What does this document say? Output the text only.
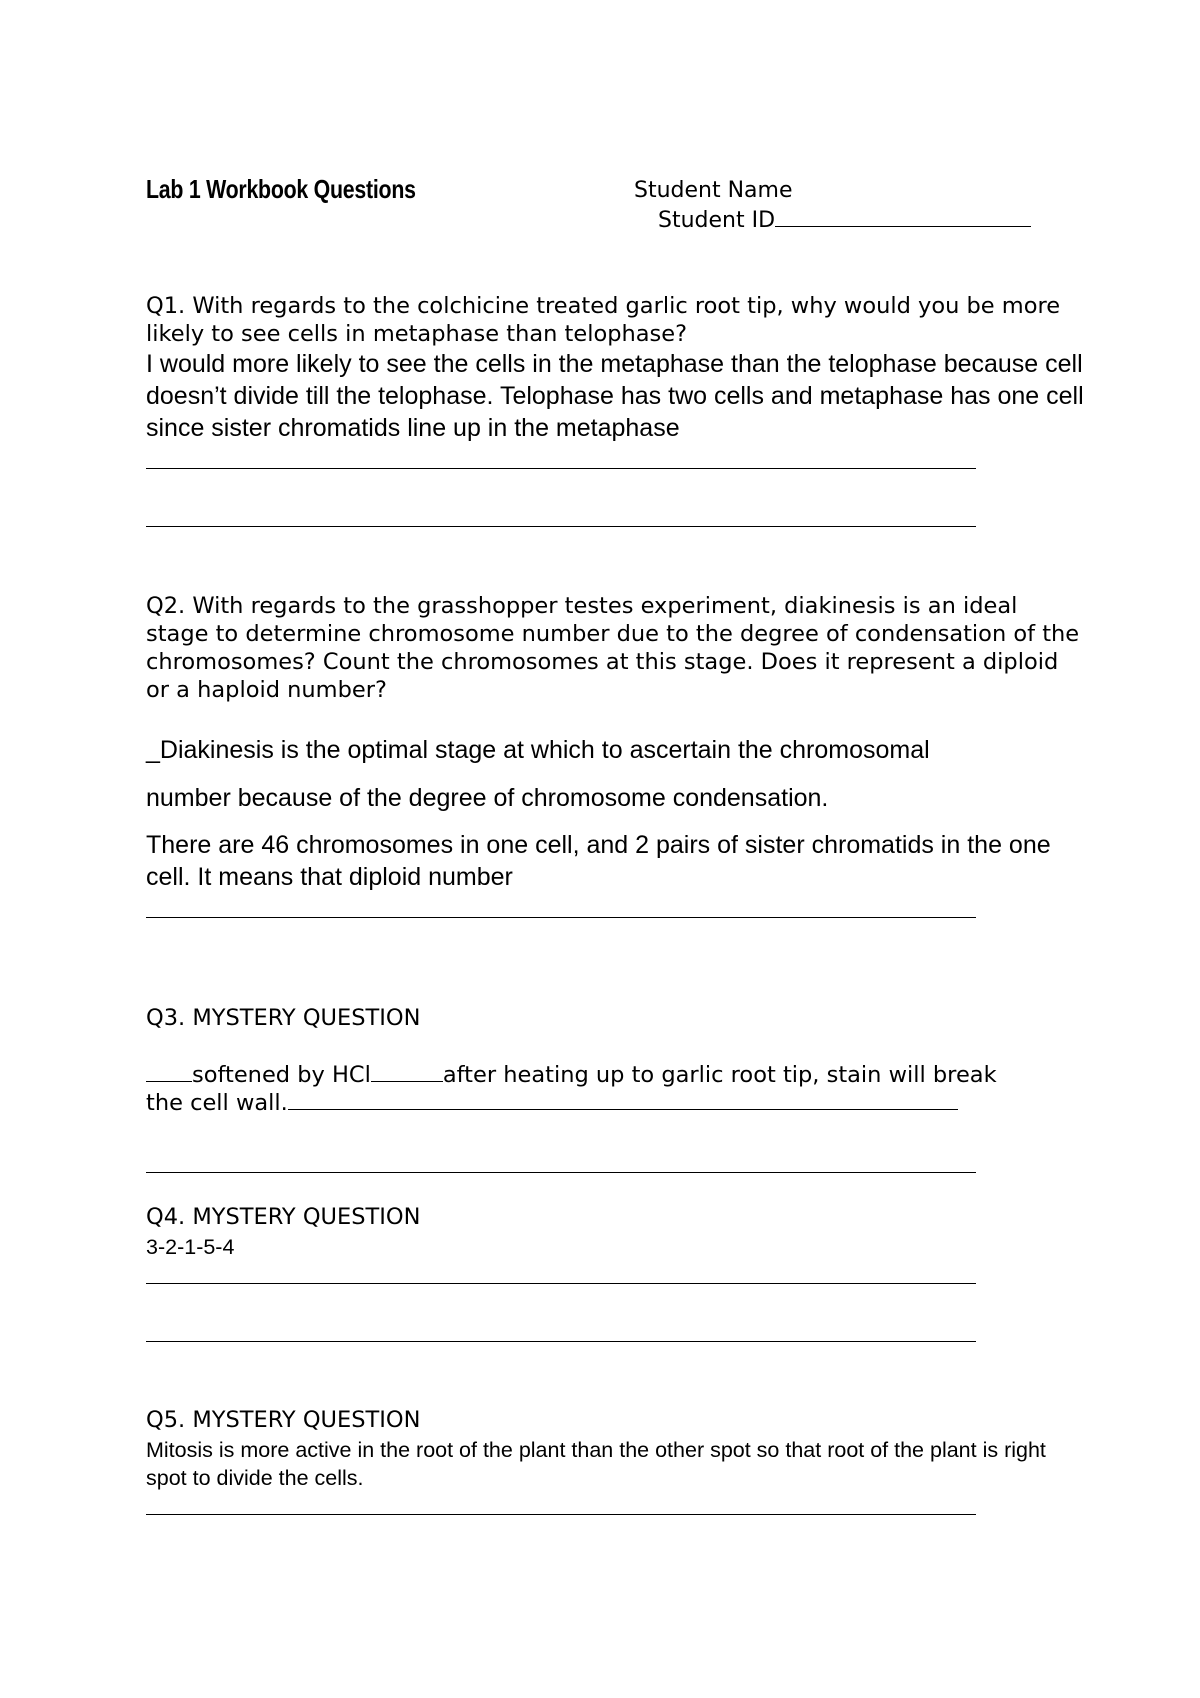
Lab 1 Workbook Questions	Student Name
Student ID
Q1. With regards to the colchicine treated garlic root tip, why would you be more likely to see cells in metaphase than telophase?
I would more likely to see the cells in the metaphase than the telophase because cell doesn’t divide till the telophase. Telophase has two cells and metaphase has one cell since sister chromatids line up in the metaphase
Q2. With regards to the grasshopper testes experiment, diakinesis is an ideal stage to determine chromosome number due to the degree of condensation of the chromosomes? Count the chromosomes at this stage. Does it represent a diploid or a haploid number?
_Diakinesis is the optimal stage at which to ascertain the chromosomal
number because of the degree of chromosome condensation.
There are 46 chromosomes in one cell, and 2 pairs of sister chromatids in the one cell. It means that diploid number
Q3. MYSTERY QUESTION
softened by HCl	after heating up to garlic root tip, stain will break
the cell wall.
Q4. MYSTERY QUESTION
3-2-1-5-4
Q5. MYSTERY QUESTION
Mitosis is more active in the root of the plant than the other spot so that root of the plant is right spot to divide the cells.
